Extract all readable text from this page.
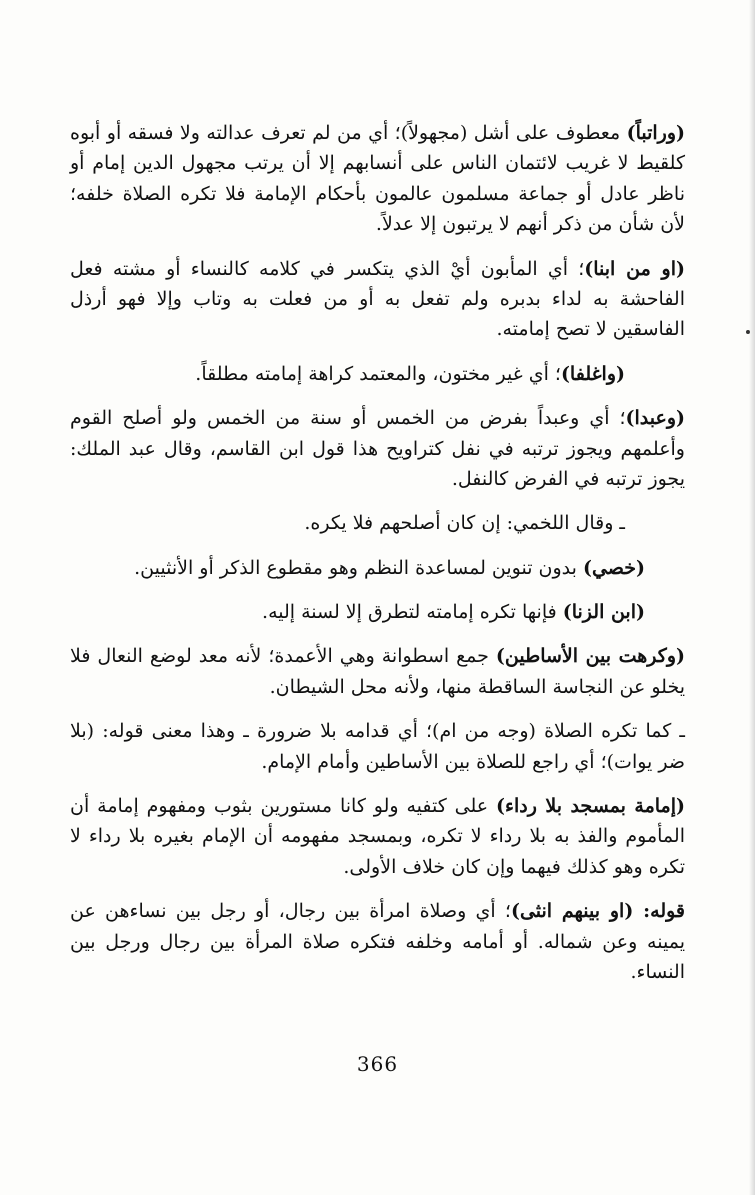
(وراتباً) معطوف على أشل (مجهولاً)؛ أي من لم تعرف عدالته ولا فسقه أو أبوه كلقيط لا غريب لائتمان الناس على أنسابهم إلا أن يرتب مجهول الدين إمام أو ناظر عادل أو جماعة مسلمون عالمون بأحكام الإمامة فلا تكره الصلاة خلفه؛ لأن شأن من ذكر أنهم لا يرتبون إلا عدلاً.

(او من ابنا)؛ أي المأبون أيْ الذي يتكسر في كلامه كالنساء أو مشته فعل الفاحشة به لداء بدبره ولم تفعل به أو من فعلت به وتاب وإلا فهو أرذل الفاسقين لا تصح إمامته.

(واغلفا)؛ أي غير مختون، والمعتمد كراهة إمامته مطلقاً.

(وعبدا)؛ أي وعبداً بفرض من الخمس أو سنة من الخمس ولو أصلح القوم وأعلمهم ويجوز ترتبه في نفل كتراويح هذا قول ابن القاسم، وقال عبد الملك: يجوز ترتبه في الفرض كالنفل.

ـ وقال اللخمي: إن كان أصلحهم فلا يكره.

(خصي) بدون تنوين لمساعدة النظم وهو مقطوع الذكر أو الأنثيين.

(ابن الزنا) فإنها تكره إمامته لتطرق إلا لسنة إليه.

(وكرهت بين الأساطين) جمع اسطوانة وهي الأعمدة؛ لأنه معد لوضع النعال فلا يخلو عن النجاسة الساقطة منها، ولأنه محل الشيطان.

ـ كما تكره الصلاة (وجه من ام)؛ أي قدامه بلا ضرورة ـ وهذا معنى قوله: (بلا ضر يوات)؛ أي راجع للصلاة بين الأساطين وأمام الإمام.

(إمامة بمسجد بلا رداء) على كتفيه ولو كانا مستورين بثوب ومفهوم إمامة أن المأموم والفذ به بلا رداء لا تكره، وبمسجد مفهومه أن الإمام بغيره بلا رداء لا تكره وهو كذلك فيهما وإن كان خلاف الأولى.

قوله: (او بينهم انثى)؛ أي وصلاة امرأة بين رجال، أو رجل بين نساءهن عن يمينه وعن شماله. أو أمامه وخلفه فتكره صلاة المرأة بين رجال ورجل بين النساء.

366
